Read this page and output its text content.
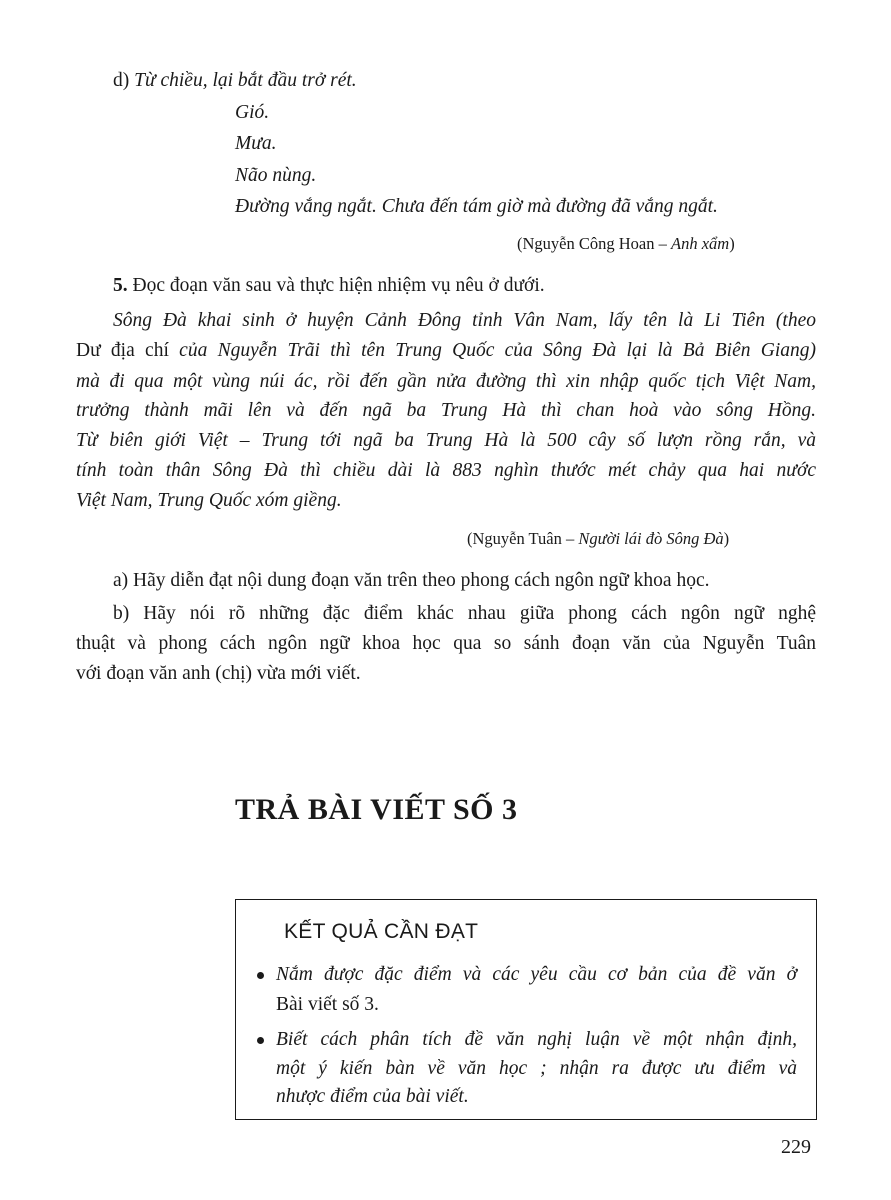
d) Từ chiều, lại bắt đầu trở rét.
Gió.
Mưa.
Não nùng.
Đường vắng ngắt. Chưa đến tám giờ mà đường đã vắng ngắt.
(Nguyễn Công Hoan – Anh xẩm)
5. Đọc đoạn văn sau và thực hiện nhiệm vụ nêu ở dưới.
Sông Đà khai sinh ở huyện Cảnh Đông tỉnh Vân Nam, lấy tên là Li Tiên (theo
Dư địa chí của Nguyễn Trãi thì tên Trung Quốc của Sông Đà lại là Bả Biên Giang)
mà đi qua một vùng núi ác, rồi đến gần nửa đường thì xin nhập quốc tịch Việt Nam,
trưởng thành mãi lên và đến ngã ba Trung Hà thì chan hoà vào sông Hồng.
Từ biên giới Việt – Trung tới ngã ba Trung Hà là 500 cây số lượn rồng rắn, và
tính toàn thân Sông Đà thì chiều dài là 883 nghìn thước mét chảy qua hai nước
Việt Nam, Trung Quốc xóm giềng.
(Nguyễn Tuân – Người lái đò Sông Đà)
a) Hãy diễn đạt nội dung đoạn văn trên theo phong cách ngôn ngữ khoa học.
b) Hãy nói rõ những đặc điểm khác nhau giữa phong cách ngôn ngữ nghệ
thuật và phong cách ngôn ngữ khoa học qua so sánh đoạn văn của Nguyễn Tuân
với đoạn văn anh (chị) vừa mới viết.
TRẢ BÀI VIẾT SỐ 3
KẾT QUẢ CẦN ĐẠT
Nắm được đặc điểm và các yêu cầu cơ bản của đề văn ở
Bài viết số 3.
Biết cách phân tích đề văn nghị luận về một nhận định,
một ý kiến bàn về văn học ; nhận ra được ưu điểm và
nhược điểm của bài viết.
229
